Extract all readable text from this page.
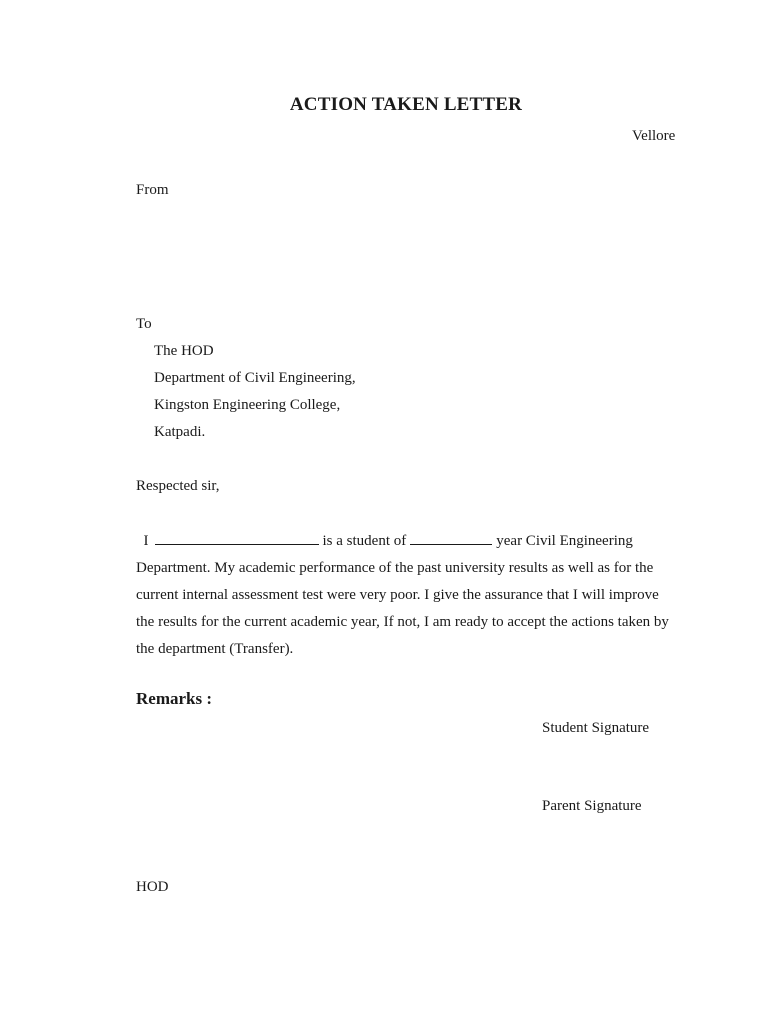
ACTION TAKEN LETTER
Vellore
From
To
The HOD
Department of Civil Engineering,
Kingston Engineering College,
Katpadi.
Respected sir,
I	is a student of	year Civil Engineering
Department. My academic performance of the past university results as well as for the
current internal assessment test were very poor. I give the assurance that I will improve
the results for the current academic year, If not, I am ready to accept the actions taken by
the department (Transfer).
Remarks :
Student Signature
Parent Signature
HOD
